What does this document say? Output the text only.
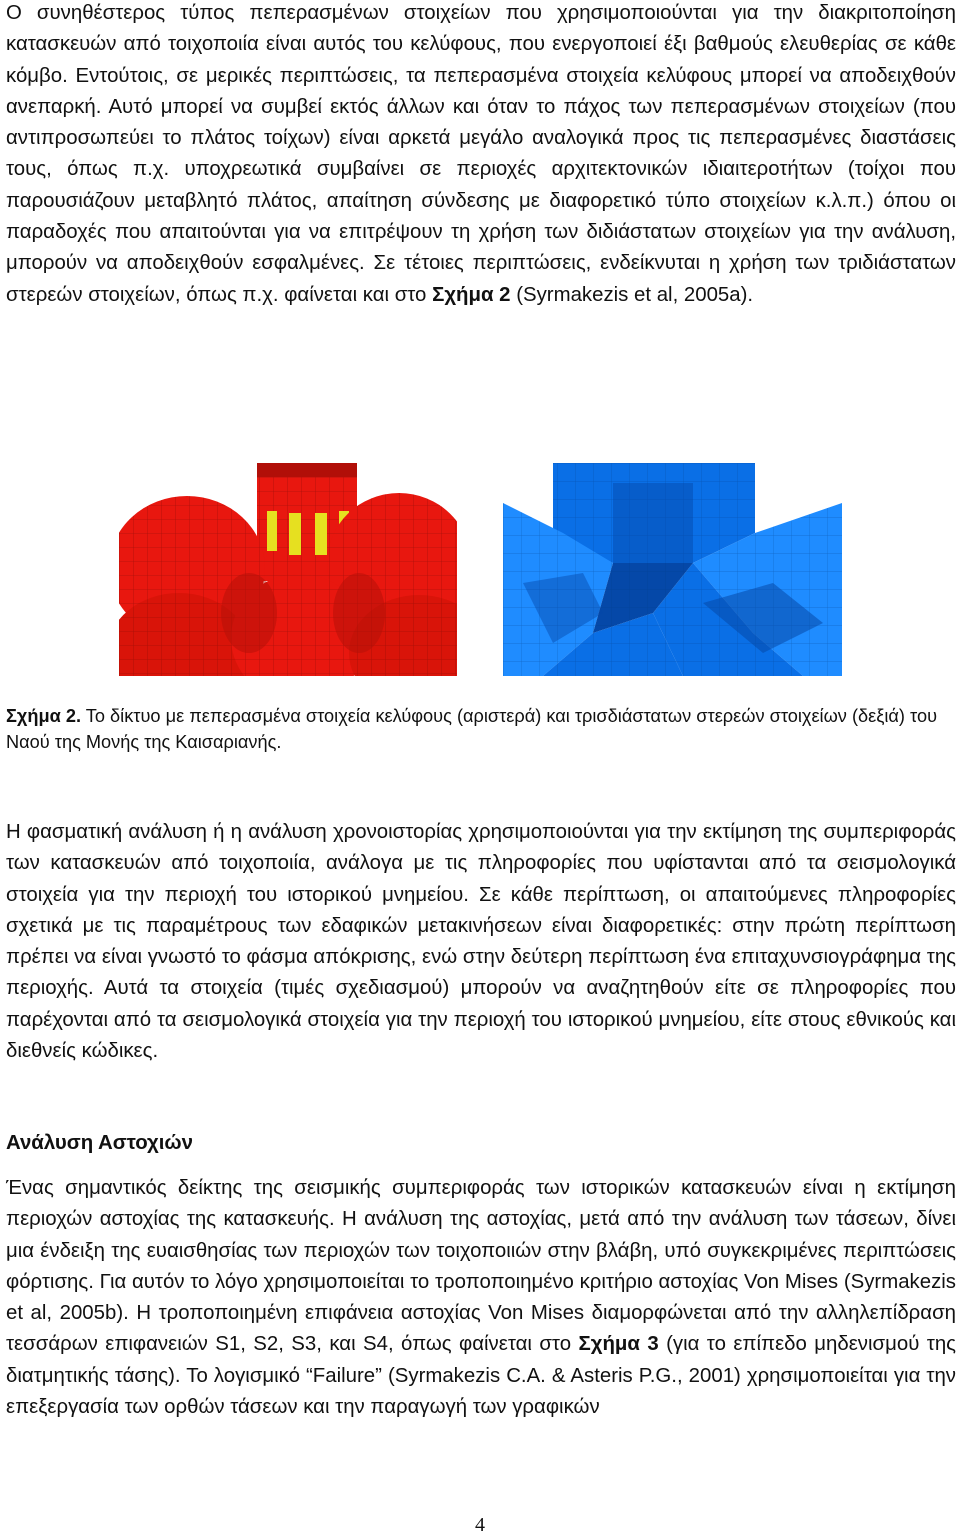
Ο συνηθέστερος τύπος πεπερασμένων στοιχείων που χρησιμοποιούνται για την διακριτοποίηση κατασκευών από τοιχοποιία είναι αυτός του κελύφους, που ενεργοποιεί έξι βαθμούς ελευθερίας σε κάθε κόμβο. Εντούτοις, σε μερικές περιπτώσεις, τα πεπερασμένα στοιχεία κελύφους μπορεί να αποδειχθούν ανεπαρκή. Αυτό μπορεί να συμβεί εκτός άλλων και όταν το πάχος των πεπερασμένων στοιχείων (που αντιπροσωπεύει το πλάτος τοίχων) είναι αρκετά μεγάλο αναλογικά προς τις πεπερασμένες διαστάσεις τους, όπως π.χ. υποχρεωτικά συμβαίνει σε περιοχές αρχιτεκτονικών ιδιαιτεροτήτων (τοίχοι που παρουσιάζουν μεταβλητό πλάτος, απαίτηση σύνδεσης με διαφορετικό τύπο στοιχείων κ.λ.π.) όπου οι παραδοχές που απαιτούνται για να επιτρέψουν τη χρήση των διδιάστατων στοιχείων για την ανάλυση, μπορούν να αποδειχθούν εσφαλμένες. Σε τέτοιες περιπτώσεις, ενδείκνυται η χρήση των τριδιάστατων στερεών στοιχείων, όπως π.χ. φαίνεται και στο Σχήμα 2 (Syrmakezis et al, 2005a).

Σχήμα 2. Το δίκτυο με πεπερασμένα στοιχεία κελύφους (αριστερά) και τρισδιάστατων στερεών στοιχείων (δεξιά) του Ναού της Μονής της Καισαριανής.

Η φασματική ανάλυση ή η ανάλυση χρονοιστορίας χρησιμοποιούνται για την εκτίμηση της συμπεριφοράς των κατασκευών από τοιχοποιία, ανάλογα με τις πληροφορίες που υφίστανται από τα σεισμολογικά στοιχεία για την περιοχή του ιστορικού μνημείου. Σε κάθε περίπτωση, οι απαιτούμενες πληροφορίες σχετικά με τις παραμέτρους των εδαφικών μετακινήσεων είναι διαφορετικές: στην πρώτη περίπτωση πρέπει να είναι γνωστό το φάσμα απόκρισης, ενώ στην δεύτερη περίπτωση ένα επιταχυνσιογράφημα της περιοχής. Αυτά τα στοιχεία (τιμές σχεδιασμού) μπορούν να αναζητηθούν είτε σε πληροφορίες που παρέχονται από τα σεισμολογικά στοιχεία για την περιοχή του ιστορικού μνημείου, είτε στους εθνικούς και διεθνείς κώδικες.

Ανάλυση Αστοχιών

Ένας σημαντικός δείκτης της σεισμικής συμπεριφοράς των ιστορικών κατασκευών είναι η εκτίμηση περιοχών αστοχίας της κατασκευής. Η ανάλυση της αστοχίας, μετά από την ανάλυση των τάσεων, δίνει μια ένδειξη της ευαισθησίας των περιοχών των τοιχοποιιών στην βλάβη, υπό συγκεκριμένες περιπτώσεις φόρτισης. Για αυτόν το λόγο χρησιμοποιείται το τροποποιημένο κριτήριο αστοχίας Von Mises (Syrmakezis et al, 2005b). Η τροποποιημένη επιφάνεια αστοχίας Von Mises διαμορφώνεται από την αλληλεπίδραση τεσσάρων επιφανειών S1, S2, S3, και S4, όπως φαίνεται στο Σχήμα 3 (για το επίπεδο μηδενισμού της διατμητικής τάσης). Το λογισμικό “Failure” (Syrmakezis C.A. & Asteris P.G., 2001) χρησιμοποιείται για την επεξεργασία των ορθών τάσεων και την παραγωγή των γραφικών

4
